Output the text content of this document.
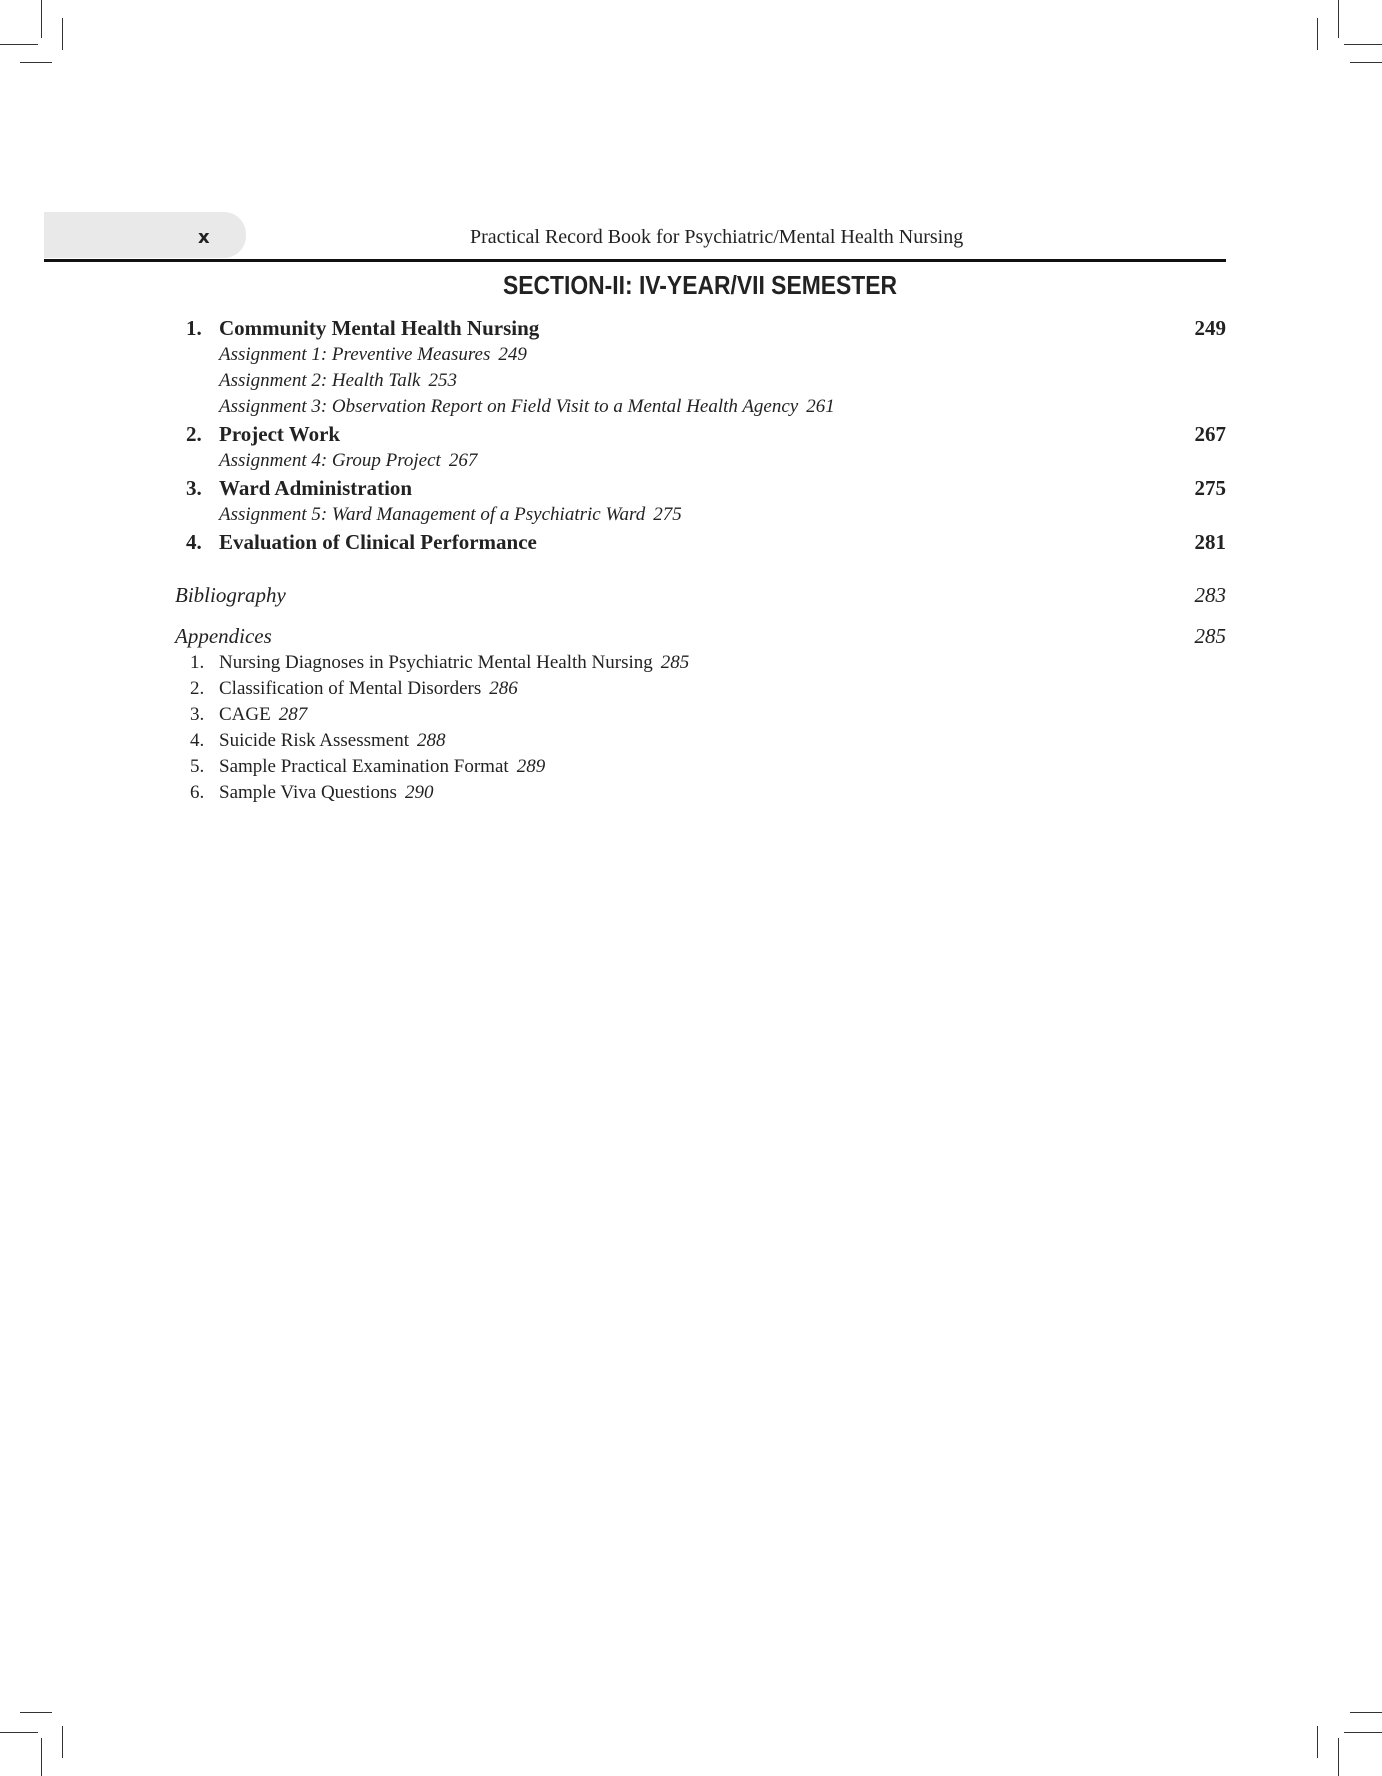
x	Practical Record Book for Psychiatric/Mental Health Nursing
SECTION-II: IV-YEAR/VII SEMESTER
1. Community Mental Health Nursing	249
Assignment 1: Preventive Measures 249
Assignment 2: Health Talk 253
Assignment 3: Observation Report on Field Visit to a Mental Health Agency 261
2. Project Work	267
Assignment 4: Group Project 267
3. Ward Administration	275
Assignment 5: Ward Management of a Psychiatric Ward 275
4. Evaluation of Clinical Performance	281
Bibliography	283
Appendices	285
1. Nursing Diagnoses in Psychiatric Mental Health Nursing 285
2. Classification of Mental Disorders 286
3. CAGE 287
4. Suicide Risk Assessment 288
5. Sample Practical Examination Format 289
6. Sample Viva Questions 290
